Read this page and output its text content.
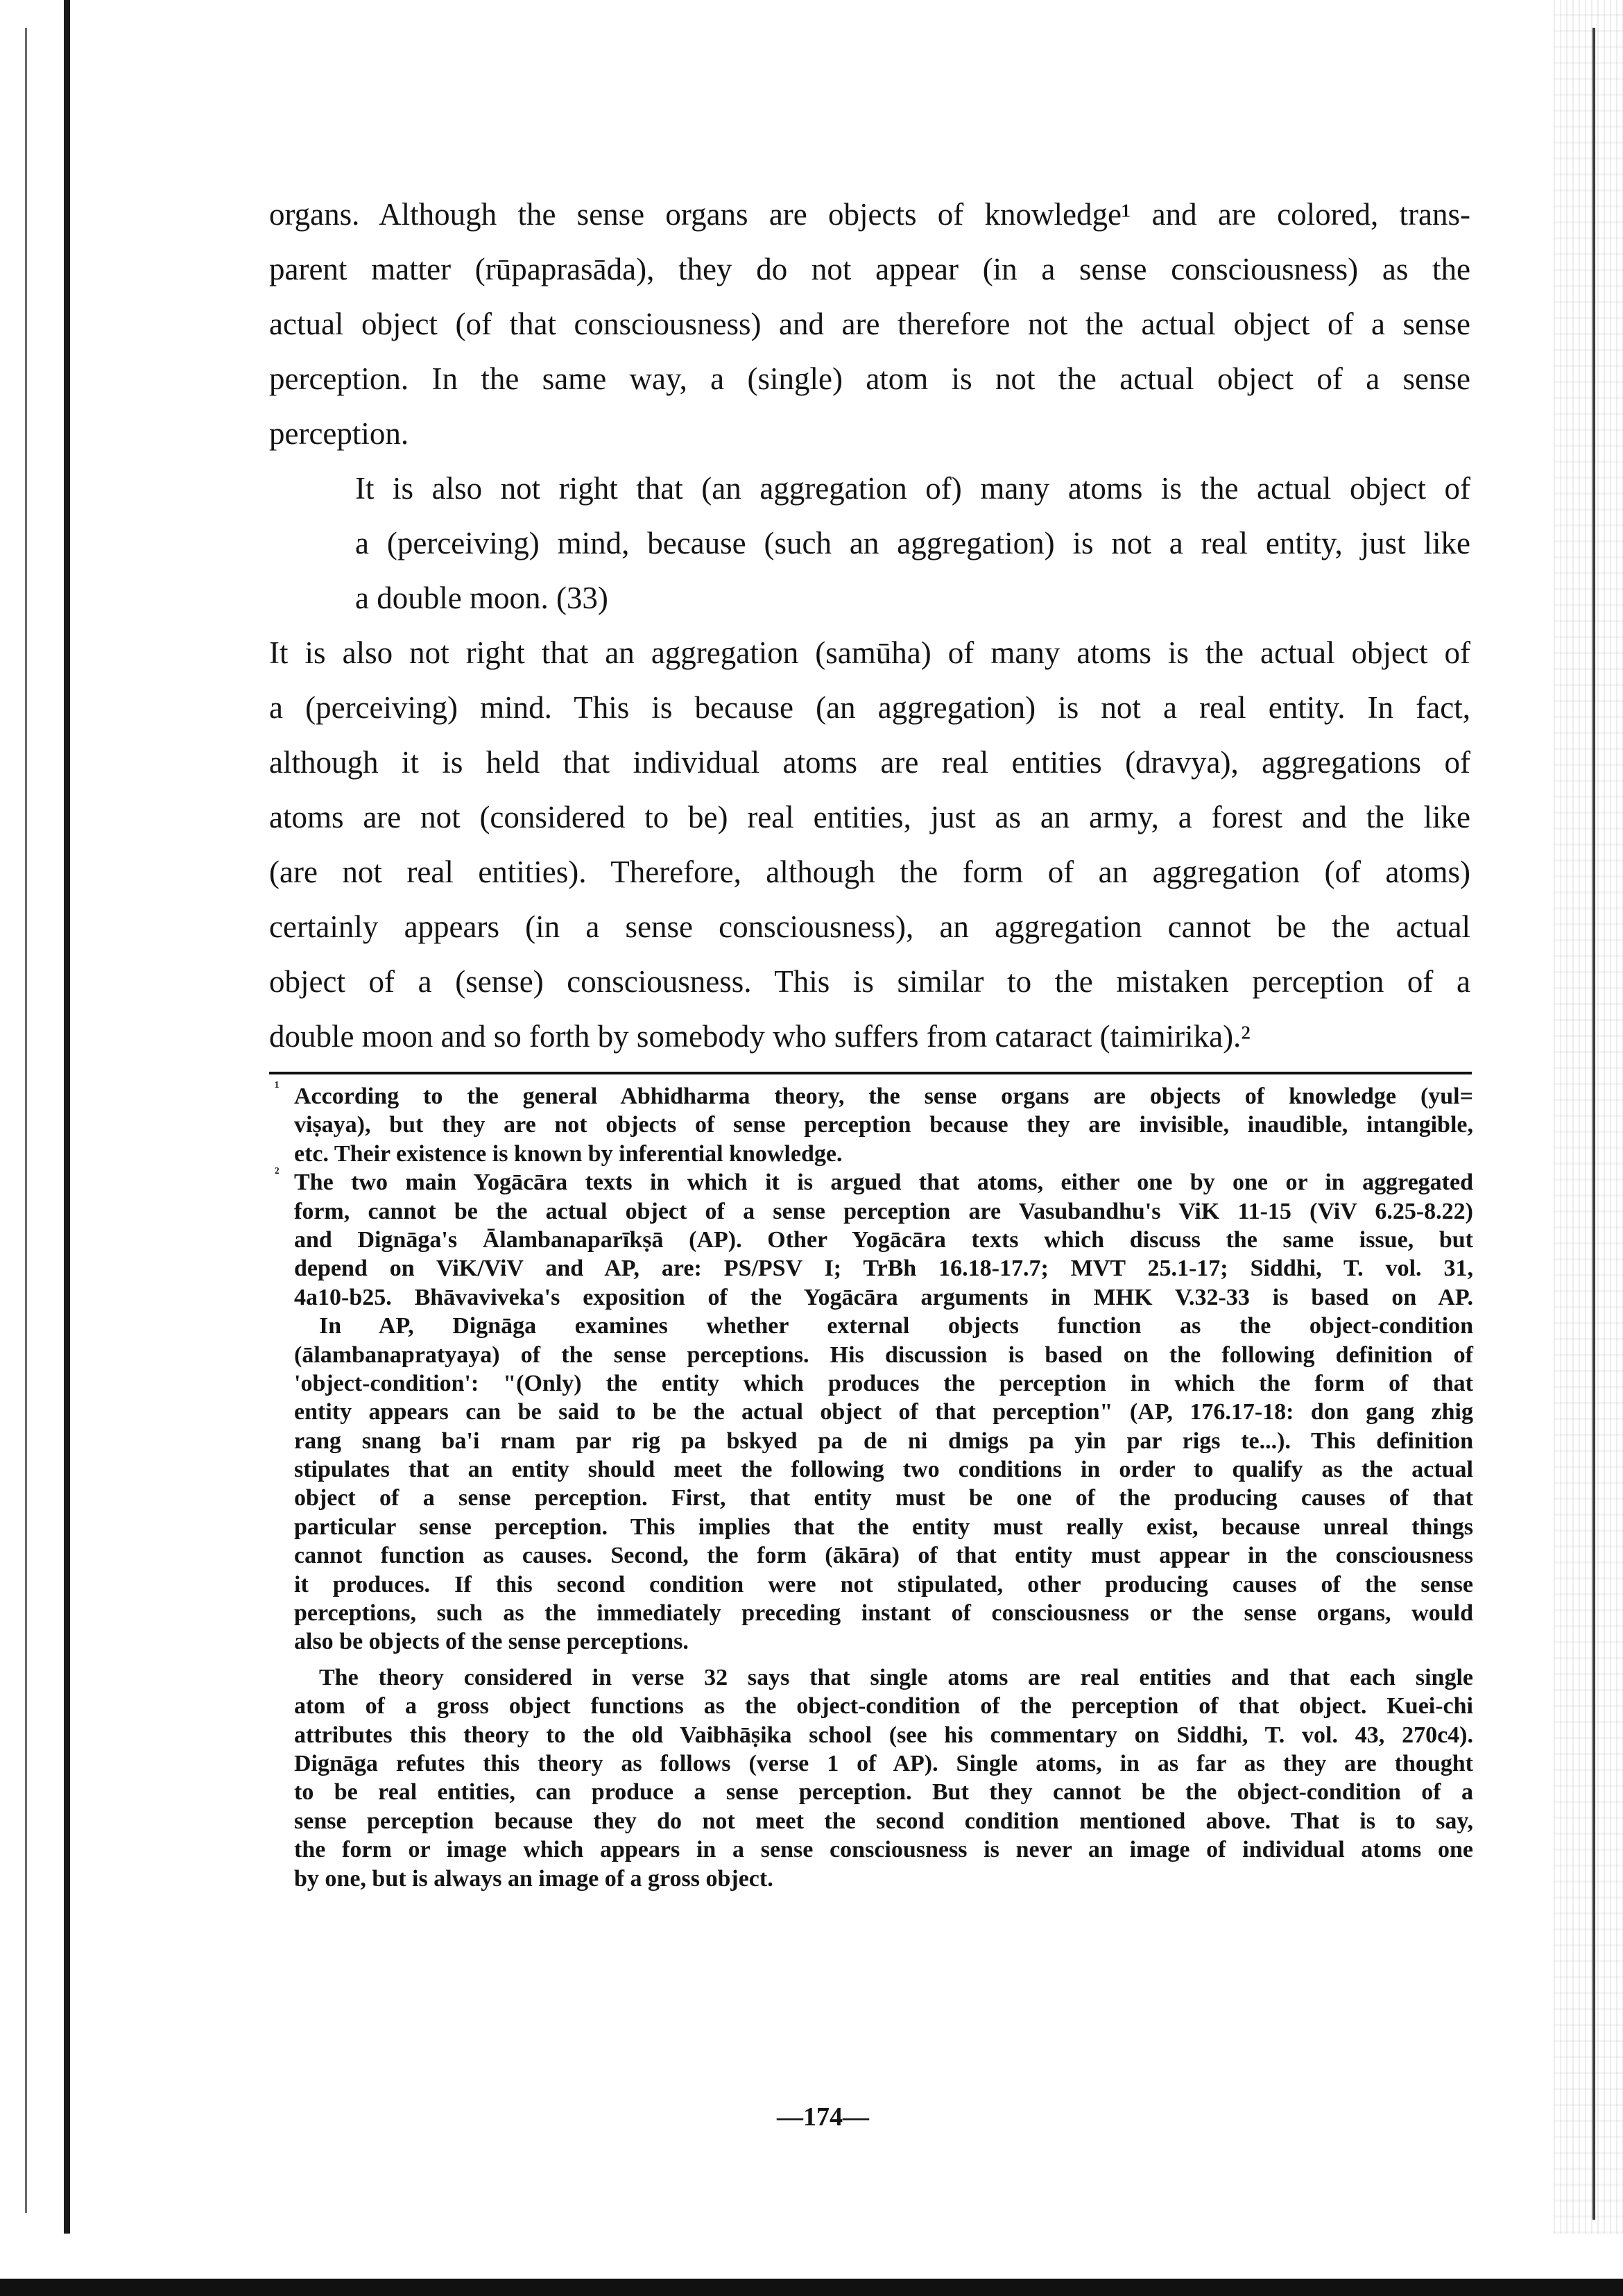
organs. Although the sense organs are objects of knowledge¹ and are colored, trans-
parent matter (rūpaprasāda), they do not appear (in a sense consciousness) as the
actual object (of that consciousness) and are therefore not the actual object of a sense
perception. In the same way, a (single) atom is not the actual object of a sense
perception.
It is also not right that (an aggregation of) many atoms is the actual object of
a (perceiving) mind, because (such an aggregation) is not a real entity, just like
a double moon. (33)
It is also not right that an aggregation (samūha) of many atoms is the actual object of
a (perceiving) mind. This is because (an aggregation) is not a real entity. In fact,
although it is held that individual atoms are real entities (dravya), aggregations of
atoms are not (considered to be) real entities, just as an army, a forest and the like
(are not real entities). Therefore, although the form of an aggregation (of atoms)
certainly appears (in a sense consciousness), an aggregation cannot be the actual
object of a (sense) consciousness. This is similar to the mistaken perception of a
double moon and so forth by somebody who suffers from cataract (taimirika).²
¹ According to the general Abhidharma theory, the sense organs are objects of knowledge (yul=
viṣaya), but they are not objects of sense perception because they are invisible, inaudible, intangible,
etc. Their existence is known by inferential knowledge.
² The two main Yogācāra texts in which it is argued that atoms, either one by one or in aggregated
form, cannot be the actual object of a sense perception are Vasubandhu's ViK 11-15 (ViV 6.25-8.22)
and Dignāga's Ālambanaparīkṣā (AP). Other Yogācāra texts which discuss the same issue, but
depend on ViK/ViV and AP, are: PS/PSV I; TrBh 16.18-17.7; MVT 25.1-17; Siddhi, T. vol. 31,
4a10-b25. Bhāvaviveka's exposition of the Yogācāra arguments in MHK V.32-33 is based on AP.
In AP, Dignāga examines whether external objects function as the object-condition
(ālambanapratyaya) of the sense perceptions. His discussion is based on the following definition of
'object-condition': "(Only) the entity which produces the perception in which the form of that
entity appears can be said to be the actual object of that perception" (AP, 176.17-18: don gang zhig
rang snang ba'i rnam par rig pa bskyed pa de ni dmigs pa yin par rigs te...). This definition
stipulates that an entity should meet the following two conditions in order to qualify as the actual
object of a sense perception. First, that entity must be one of the producing causes of that
particular sense perception. This implies that the entity must really exist, because unreal things
cannot function as causes. Second, the form (ākāra) of that entity must appear in the consciousness
it produces. If this second condition were not stipulated, other producing causes of the sense
perceptions, such as the immediately preceding instant of consciousness or the sense organs, would
also be objects of the sense perceptions.
The theory considered in verse 32 says that single atoms are real entities and that each single
atom of a gross object functions as the object-condition of the perception of that object. Kuei-chi
attributes this theory to the old Vaibhāṣika school (see his commentary on Siddhi, T. vol. 43, 270c4).
Dignāga refutes this theory as follows (verse 1 of AP). Single atoms, in as far as they are thought
to be real entities, can produce a sense perception. But they cannot be the object-condition of a
sense perception because they do not meet the second condition mentioned above. That is to say,
the form or image which appears in a sense consciousness is never an image of individual atoms one
by one, but is always an image of a gross object.
—174—
